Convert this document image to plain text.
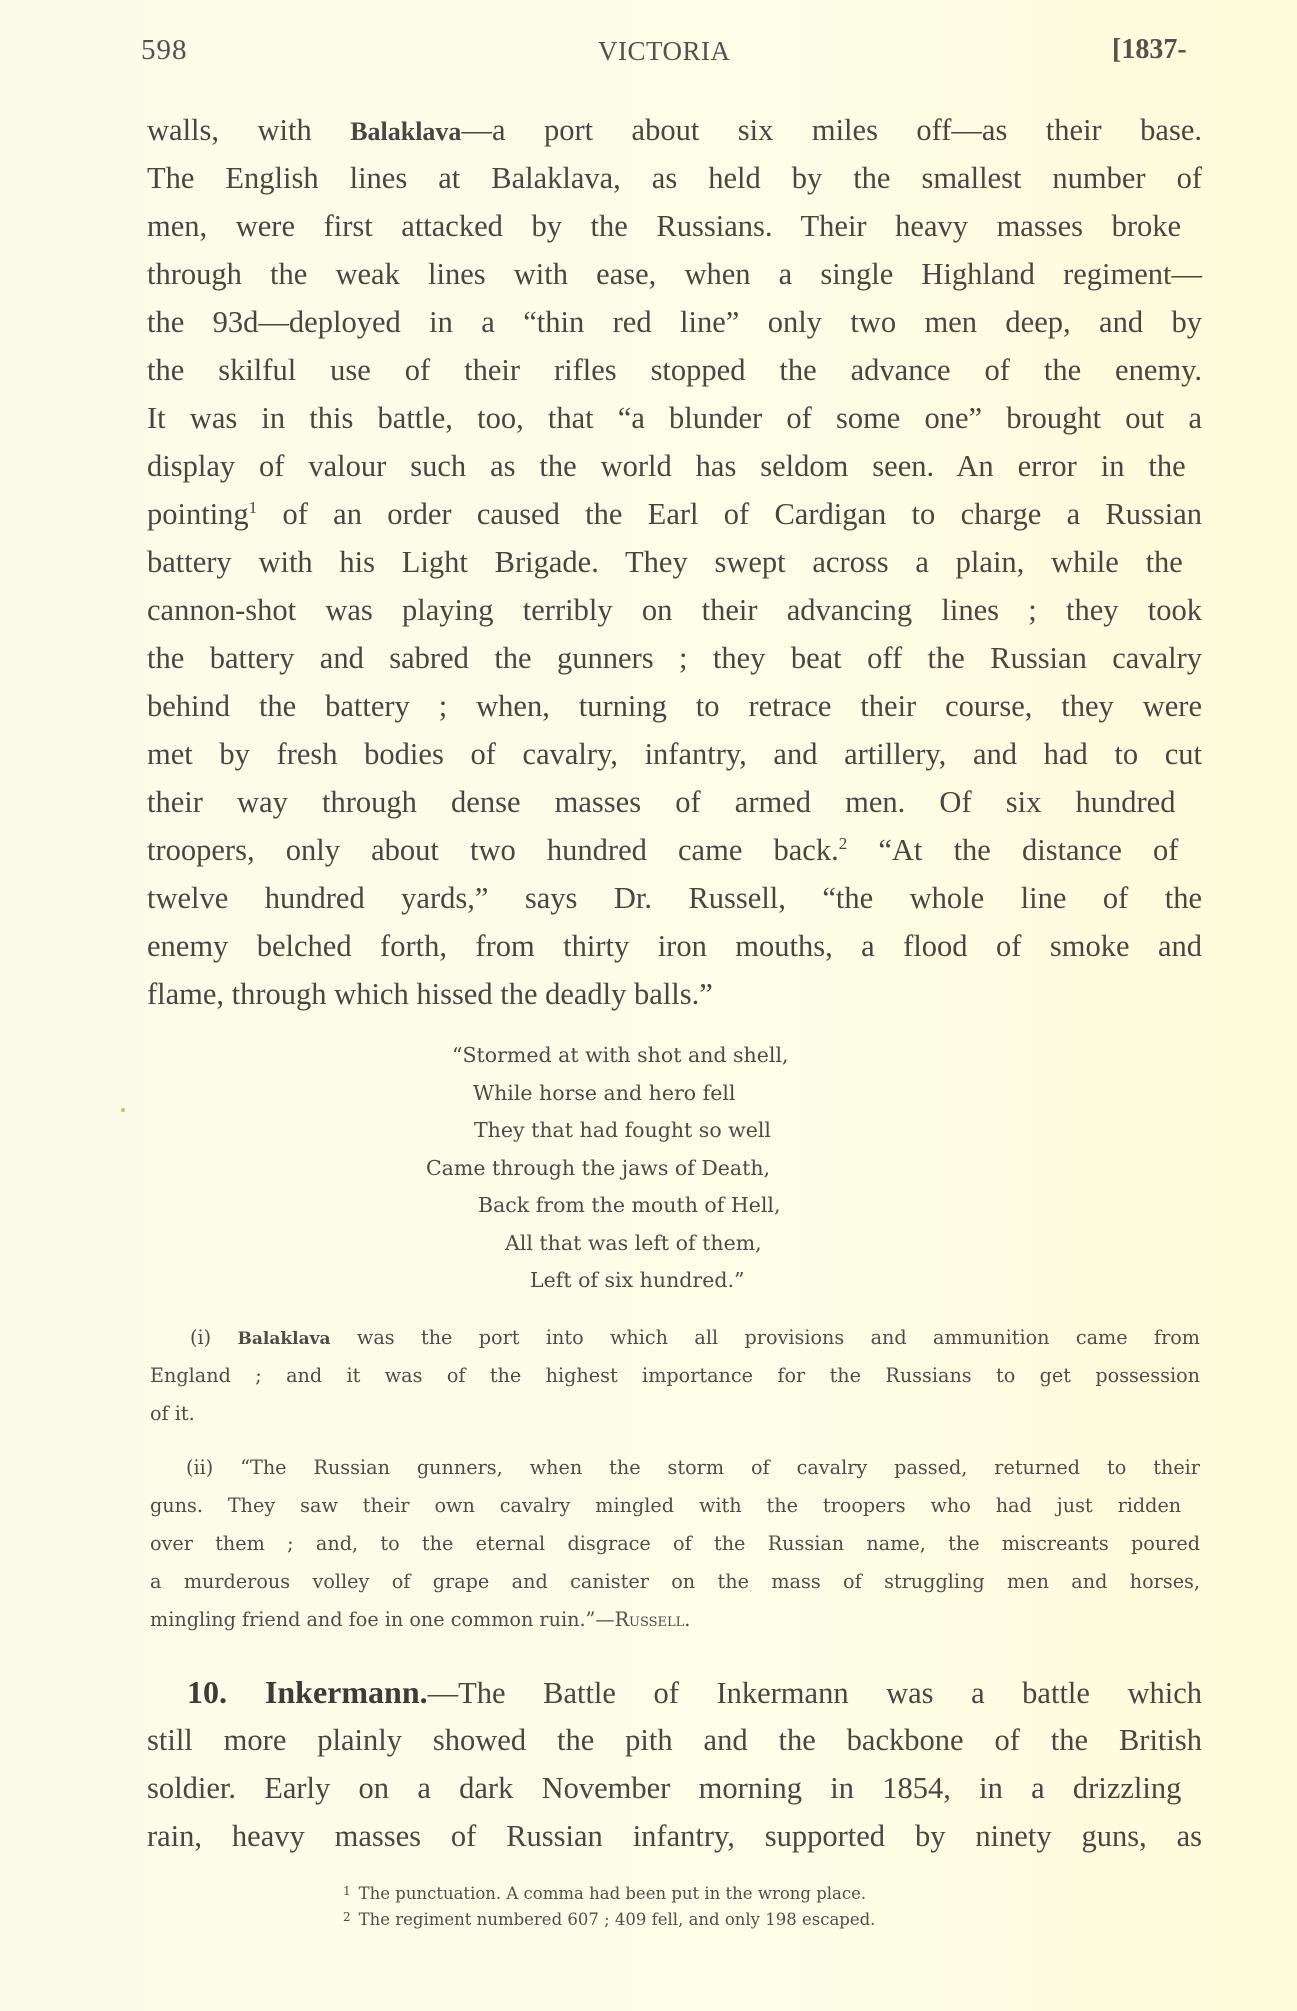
598	VICTORIA	[1837-
walls, with Balaklava—a port about six miles off—as their base.
The English lines at Balaklava, as held by the smallest number of
men, were first attacked by the Russians. Their heavy masses broke
through the weak lines with ease, when a single Highland regiment—
the 93d—deployed in a “thin red line” only two men deep, and by
the skilful use of their rifles stopped the advance of the enemy.
It was in this battle, too, that “a blunder of some one” brought out a
display of valour such as the world has seldom seen. An error in the
pointing$^1$ of an order caused the Earl of Cardigan to charge a Russian
battery with his Light Brigade. They swept across a plain, while the
cannon-shot was playing terribly on their advancing lines ; they took
the battery and sabred the gunners ; they beat off the Russian cavalry
behind the battery ; when, turning to retrace their course, they were
met by fresh bodies of cavalry, infantry, and artillery, and had to cut
their way through dense masses of armed men. Of six hundred
troopers, only about two hundred came back.$^2$ “At the distance of
twelve hundred yards,” says Dr. Russell, “the whole line of the
enemy belched forth, from thirty iron mouths, a flood of smoke and
flame, through which hissed the deadly balls.”
“Stormed at with shot and shell,
While horse and hero fell
They that had fought so well
Came through the jaws of Death,
Back from the mouth of Hell,
All that was left of them,
Left of six hundred.”
(i) Balaklava was the port into which all provisions and ammunition came from
England ; and it was of the highest importance for the Russians to get possession
of it.
(ii) “The Russian gunners, when the storm of cavalry passed, returned to their
guns. They saw their own cavalry mingled with the troopers who had just ridden
over them ; and, to the eternal disgrace of the Russian name, the miscreants poured
a murderous volley of grape and canister on the mass of struggling men and horses,
mingling friend and foe in one common ruin.”—Russell.
10. Inkermann.—The Battle of Inkermann was a battle which
still more plainly showed the pith and the backbone of the British
soldier. Early on a dark November morning in 1854, in a drizzling
rain, heavy masses of Russian infantry, supported by ninety guns, as
$^1$ The punctuation. A comma had been put in the wrong place.
$^2$ The regiment numbered 607 ; 409 fell, and only 198 escaped.
